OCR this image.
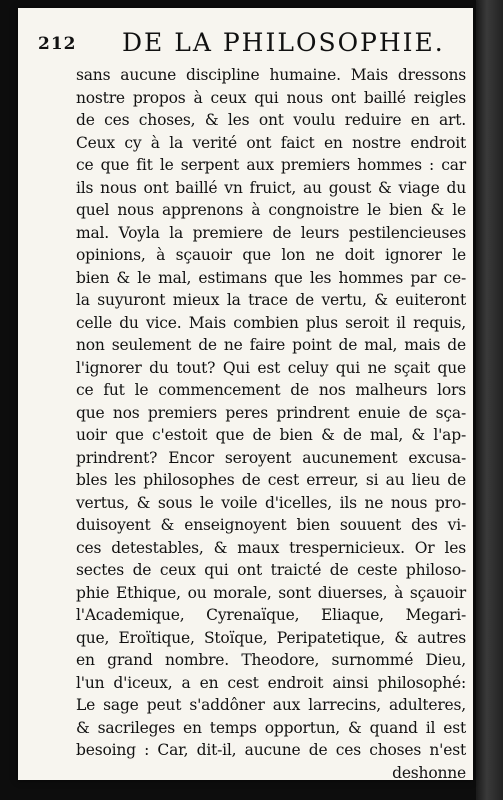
212 DE LA PHILOSOPHIE.
sans aucune discipline humaine. Mais dressons
nostre propos à ceux qui nous ont baillé reigles
de ces choses, & les ont voulu reduire en art.
Ceux cy à la verité ont faict en nostre endroit
ce que fit le serpent aux premiers hommes : car
ils nous ont baillé vn fruict, au goust & viage du
quel nous apprenons à congnoistre le bien & le
mal. Voyla la premiere de leurs pestilencieuses
opinions, à sçauoir que lon ne doit ignorer le
bien & le mal, estimans que les hommes par ce-
la suyuront mieux la trace de vertu, & euiteront
celle du vice. Mais combien plus seroit il requis,
non seulement de ne faire point de mal, mais de
l'ignorer du tout? Qui est celuy qui ne sçait que
ce fut le commencement de nos malheurs lors
que nos premiers peres prindrent enuie de sça-
uoir que c'estoit que de bien & de mal, & l'ap-
prindrent? Encor seroyent aucunement excusa-
bles les philosophes de cest erreur, si au lieu de
vertus, & sous le voile d'icelles, ils ne nous pro-
duisoyent & enseignoyent bien souuent des vi-
ces detestables, & maux trespernicieux. Or les
sectes de ceux qui ont traicté de ceste philoso-
phie Ethique, ou morale, sont diuerses, à sçauoir
l'Academique, Cyrenaïque, Eliaque, Megari-
que, Eroïtique, Stoïque, Peripatetique, & autres
en grand nombre. Theodore, surnommé Dieu,
l'un d'iceux, a en cest endroit ainsi philosophé:
Le sage peut s'addôner aux larrecins, adulteres,
& sacrileges en temps opportun, & quand il est
besoing : Car, dit-il, aucune de ces choses n'est
deshonne
